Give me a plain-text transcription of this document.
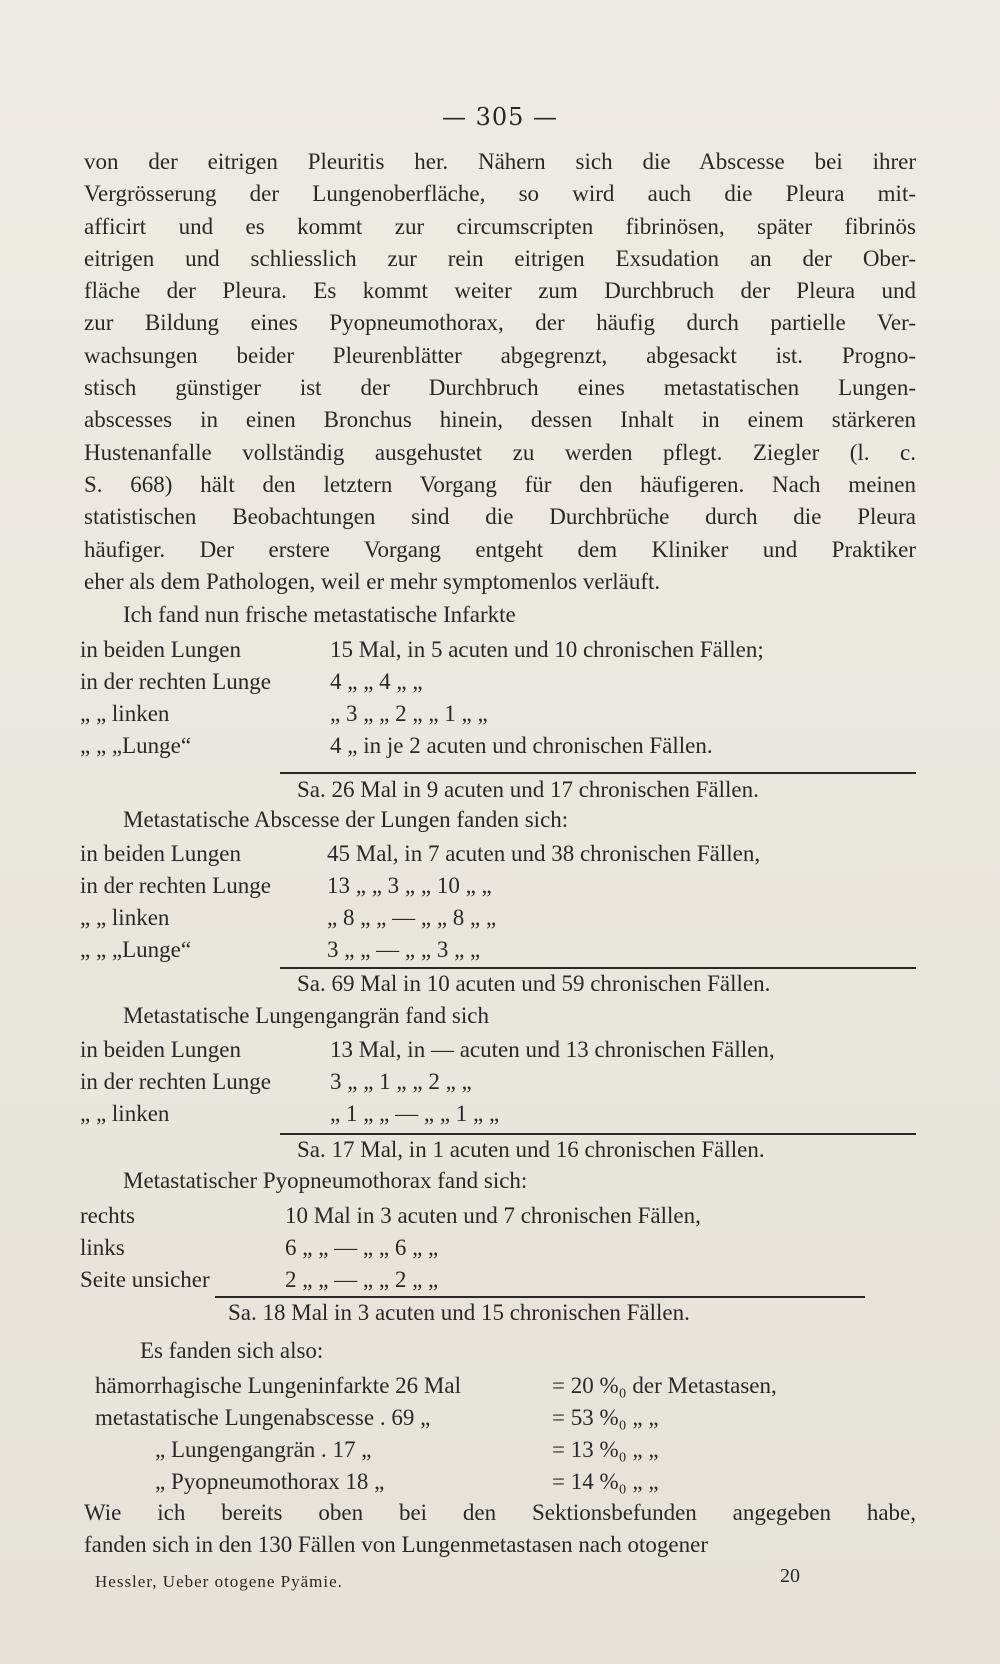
— 305 —
von der eitrigen Pleuritis her. Nähern sich die Abscesse bei ihrer
Vergrösserung der Lungenoberfläche, so wird auch die Pleura mit-
afficirt und es kommt zur circumscripten fibrinösen, später fibrinös
eitrigen und schliesslich zur rein eitrigen Exsudation an der Ober-
fläche der Pleura. Es kommt weiter zum Durchbruch der Pleura und
zur Bildung eines Pyopneumothorax, der häufig durch partielle Ver-
wachsungen beider Pleurenblätter abgegrenzt, abgesackt ist. Progno-
stisch günstiger ist der Durchbruch eines metastatischen Lungen-
abscesses in einen Bronchus hinein, dessen Inhalt in einem stärkeren
Hustenanfalle vollständig ausgehustet zu werden pflegt. Ziegler (l. c.
S. 668) hält den letztern Vorgang für den häufigeren. Nach meinen
statistischen Beobachtungen sind die Durchbrüche durch die Pleura
häufiger. Der erstere Vorgang entgeht dem Kliniker und Praktiker
eher als dem Pathologen, weil er mehr symptomenlos verläuft.
Ich fand nun frische metastatische Infarkte
in beiden Lungen	15 Mal, in 5 acuten und 10 chronischen Fällen;
in der rechten Lunge	4 „ „ 4 „ „
„ „ linken	„ 3 „ „ 2 „ „ 1 „ „
„ „ „Lunge“	4 „ in je 2 acuten und chronischen Fällen.
Sa. 26 Mal in 9 acuten und 17 chronischen Fällen.
Metastatische Abscesse der Lungen fanden sich:
in beiden Lungen	45 Mal, in 7 acuten und 38 chronischen Fällen,
in der rechten Lunge 13 „ „ 3 „ „ 10 „ „
„ „ linken	„ 8 „ „ — „ „ 8 „ „
„ „ „Lunge“	3 „ „ — „ „ 3 „ „
Sa. 69 Mal in 10 acuten und 59 chronischen Fällen.
Metastatische Lungengangrän fand sich
in beiden Lungen	13 Mal, in — acuten und 13 chronischen Fällen,
in der rechten Lunge	3 „ „ 1 „ „ 2 „ „
„ „ linken	„ 1 „ „ — „ „ 1 „ „
Sa. 17 Mal, in 1 acuten und 16 chronischen Fällen.
Metastatischer Pyopneumothorax fand sich:
rechts	10 Mal in 3 acuten und 7 chronischen Fällen,
links	6 „ „ — „ „ 6 „ „
Seite unsicher	2 „ „ — „ „ 2 „ „
Sa. 18 Mal in 3 acuten und 15 chronischen Fällen.
Es fanden sich also:
hämorrhagische Lungeninfarkte 26 Mal	= 20 %₀ der Metastasen,
metastatische Lungenabscesse . 69 „	= 53 %₀ „ „
„ Lungengangrän . 17 „	= 13 %₀ „ „
„ Pyopneumothorax 18 „	= 14 %₀ „ „
Wie ich bereits oben bei den Sektionsbefunden angegeben habe,
fanden sich in den 130 Fällen von Lungenmetastasen nach otogener
Hessler, Ueber otogene Pyämie.	20
